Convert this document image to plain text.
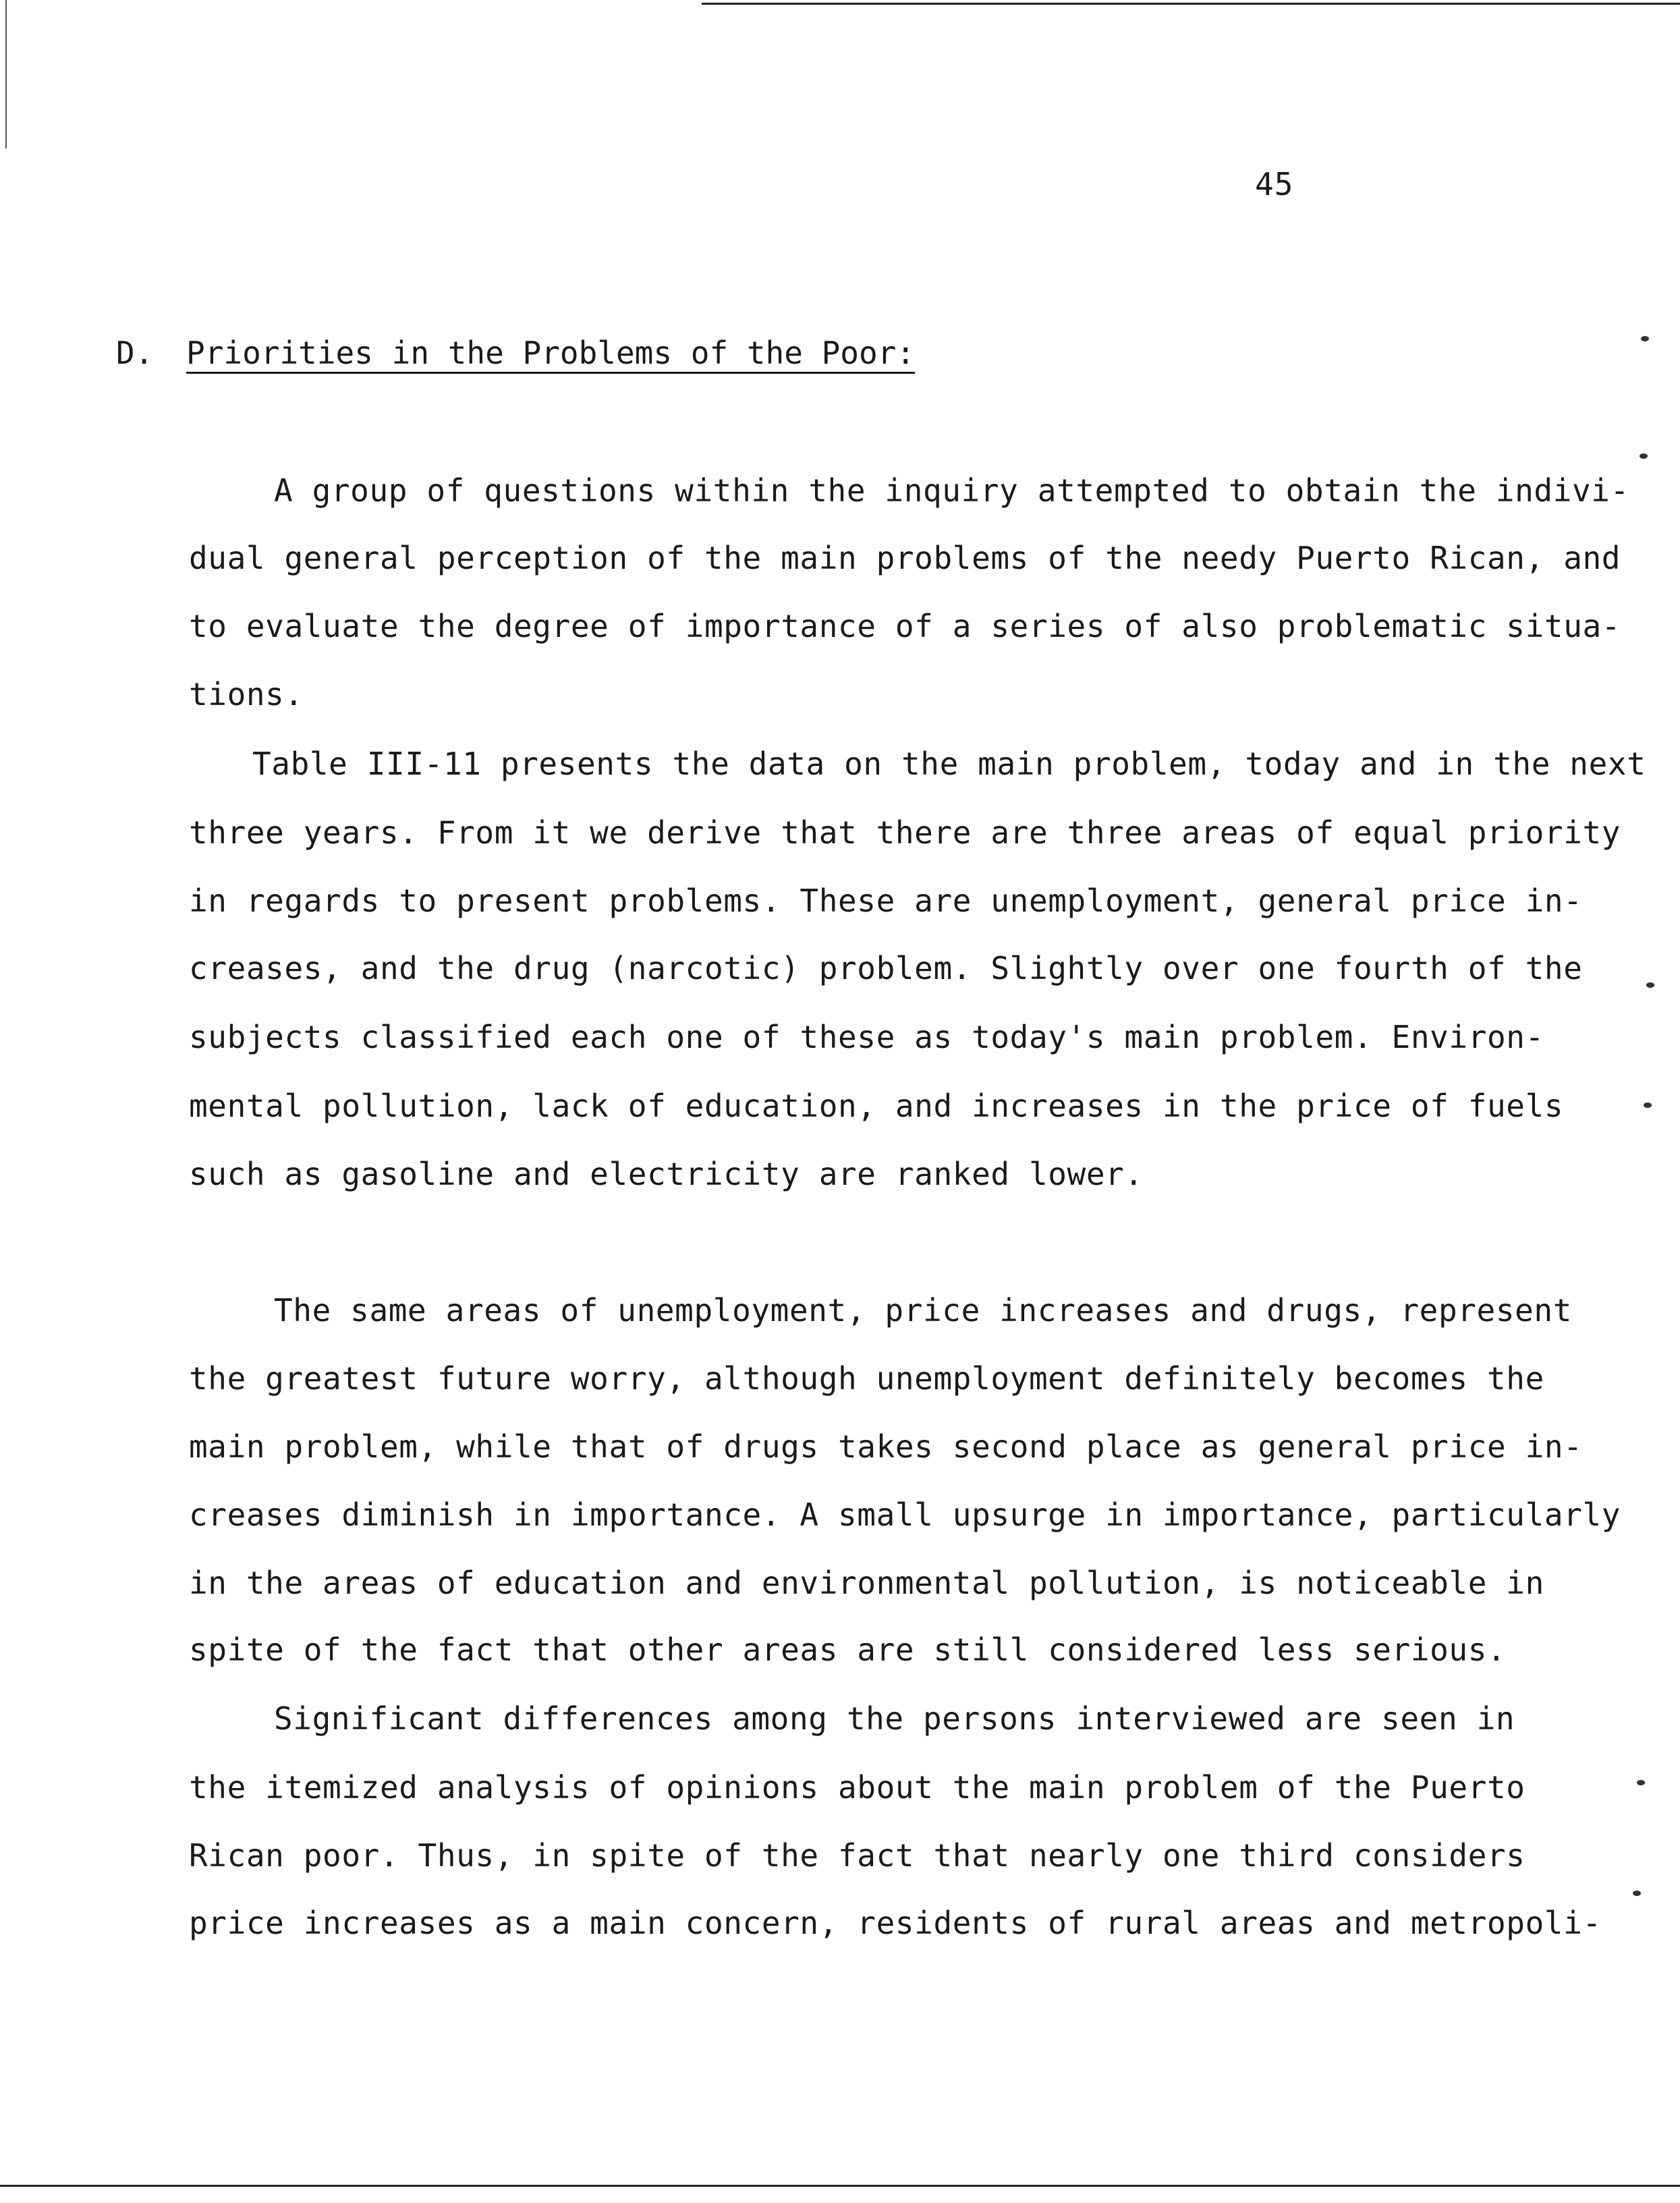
45
D. Priorities in the Problems of the Poor:
A group of questions within the inquiry attempted to obtain the indivi-
dual general perception of the main problems of the needy Puerto Rican, and
to evaluate the degree of importance of a series of also problematic situa-
tions.
Table III-11 presents the data on the main problem, today and in the next
three years. From it we derive that there are three areas of equal priority
in regards to present problems. These are unemployment, general price in-
creases, and the drug (narcotic) problem. Slightly over one fourth of the
subjects classified each one of these as today's main problem. Environ-
mental pollution, lack of education, and increases in the price of fuels
such as gasoline and electricity are ranked lower.
The same areas of unemployment, price increases and drugs, represent
the greatest future worry, although unemployment definitely becomes the
main problem, while that of drugs takes second place as general price in-
creases diminish in importance. A small upsurge in importance, particularly
in the areas of education and environmental pollution, is noticeable in
spite of the fact that other areas are still considered less serious.
Significant differences among the persons interviewed are seen in
the itemized analysis of opinions about the main problem of the Puerto
Rican poor. Thus, in spite of the fact that nearly one third considers
price increases as a main concern, residents of rural areas and metropoli-
